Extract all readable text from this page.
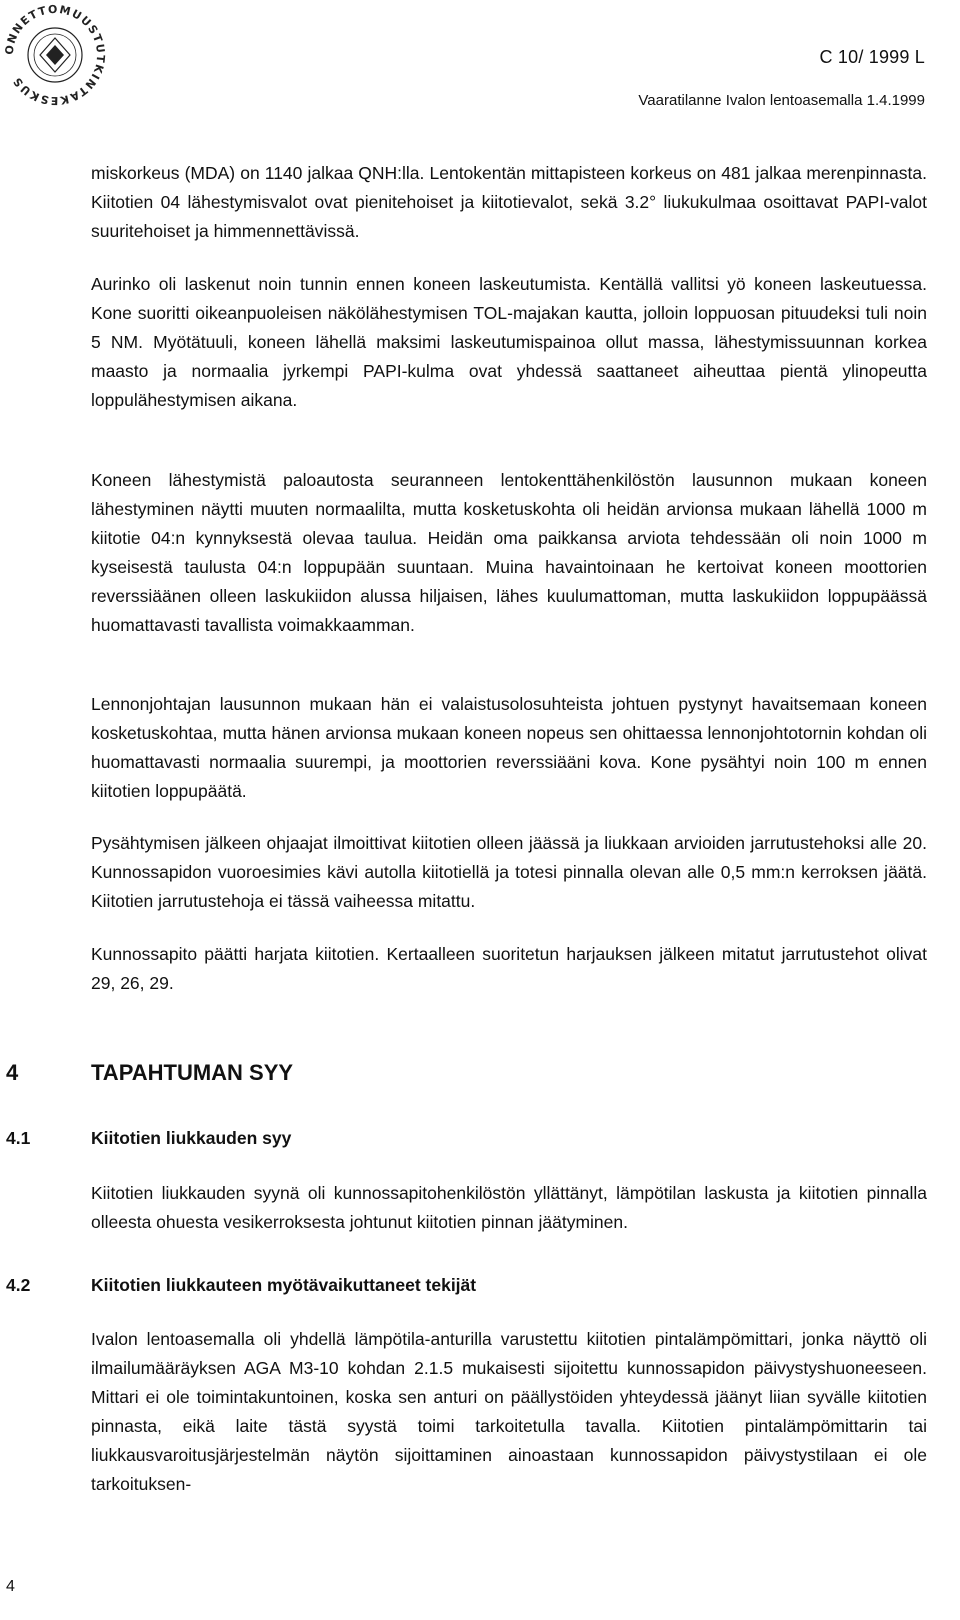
ONNETTOMUUSTUTKINTAKESKUS
C 10/ 1999 L
Vaaratilanne Ivalon lentoasemalla 1.4.1999

miskorkeus (MDA) on 1140 jalkaa QNH:lla. Lentokentän mittapisteen korkeus on 481 jalkaa merenpinnasta. Kiitotien 04 lähestymisvalot ovat pienitehoiset ja kiitotievalot, sekä 3.2° liukukulmaa osoittavat PAPI-valot suuritehoiset ja himmennettävissä.

Aurinko oli laskenut noin tunnin ennen koneen laskeutumista. Kentällä vallitsi yö koneen laskeutuessa. Kone suoritti oikeanpuoleisen näkölähestymisen TOL-majakan kautta, jolloin loppuosan pituudeksi tuli noin 5 NM. Myötätuuli, koneen lähellä maksimi laskeutumispainoa ollut massa, lähestymissuunnan korkea maasto ja normaalia jyrkempi PAPI-kulma ovat yhdessä saattaneet aiheuttaa pientä ylinopeutta loppulähestymisen aikana.

Koneen lähestymistä paloautosta seuranneen lentokenttähenkilöstön lausunnon mukaan koneen lähestyminen näytti muuten normaalilta, mutta kosketuskohta oli heidän arvionsa mukaan lähellä 1000 m kiitotie 04:n kynnyksestä olevaa taulua. Heidän oma paikkansa arviota tehdessään oli noin 1000 m kyseisestä taulusta 04:n loppupään suuntaan. Muina havaintoinaan he kertoivat koneen moottorien reverssiäänen olleen laskukiidon alussa hiljaisen, lähes kuulumattoman, mutta laskukiidon loppupäässä huomattavasti tavallista voimakkaamman.

Lennonjohtajan lausunnon mukaan hän ei valaistusolosuhteista johtuen pystynyt havaitsemaan koneen kosketuskohtaa, mutta hänen arvionsa mukaan koneen nopeus sen ohittaessa lennonjohtotornin kohdan oli huomattavasti normaalia suurempi, ja moottorien reverssiääni kova. Kone pysähtyi noin 100 m ennen kiitotien loppupäätä.

Pysähtymisen jälkeen ohjaajat ilmoittivat kiitotien olleen jäässä ja liukkaan arvioiden jarrutustehoksi alle 20. Kunnossapidon vuoroesimies kävi autolla kiitotiellä ja totesi pinnalla olevan alle 0,5 mm:n kerroksen jäätä. Kiitotien jarrutustehoja ei tässä vaiheessa mitattu.

Kunnossapito päätti harjata kiitotien. Kertaalleen suoritetun harjauksen jälkeen mitatut jarrutustehot olivat 29, 26, 29.

4	TAPAHTUMAN SYY
4.1	Kiitotien liukkauden syy

Kiitotien liukkauden syynä oli kunnossapitohenkilöstön yllättänyt, lämpötilan laskusta ja kiitotien pinnalla olleesta ohuesta vesikerroksesta johtunut kiitotien pinnan jäätyminen.

4.2	Kiitotien liukkauteen myötävaikuttaneet tekijät

Ivalon lentoasemalla oli yhdellä lämpötila-anturilla varustettu kiitotien pintalämpömittari, jonka näyttö oli ilmailumääräyksen AGA M3-10 kohdan 2.1.5 mukaisesti sijoitettu kunnossapidon päivystyshuoneeseen. Mittari ei ole toimintakuntoinen, koska sen anturi on päällystöiden yhteydessä jäänyt liian syvälle kiitotien pinnasta, eikä laite tästä syystä toimi tarkoitetulla tavalla. Kiitotien pintalämpömittarin tai liukkausvaroitusjärjestelmän näytön sijoittaminen ainoastaan kunnossapidon päivystystilaan ei ole tarkoituksen-

4
